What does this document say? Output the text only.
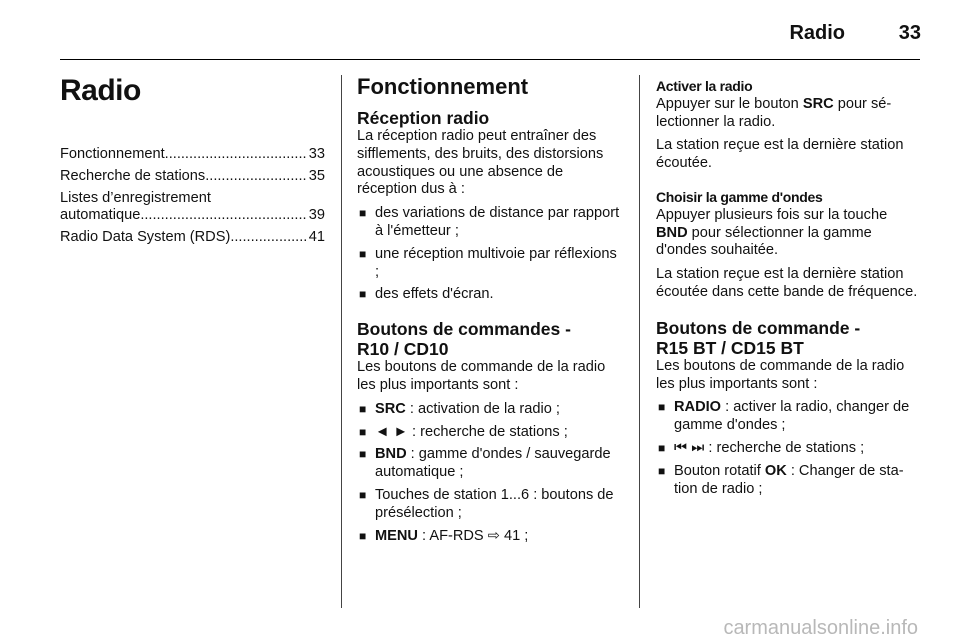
Radio	33
Radio
Fonctionnement .....	33
Recherche de stations .....	35
Listes d’enregistrement
automatique .....	39
Radio Data System (RDS) .....	41
Fonctionnement
Réception radio

La réception radio peut entraîner des sifflements, des bruits, des distorsions acoustiques ou une absence de réception dus à :

■ des variations de distance par rapport à l'émetteur ;
■ une réception multivoie par réflexions ;
■ des effets d'écran.
Boutons de commandes -
R10 / CD10

Les boutons de commande de la radio les plus importants sont :

■ SRC : activation de la radio ;
■ ◄ ► : recherche de stations ;
■ BND : gamme d'ondes / sauvegarde automatique ;
■ Touches de station 1...6 : boutons de présélection ;
■ MENU : AF-RDS ⇨ 41 ;
Activer la radio

Appuyer sur le bouton SRC pour sélectionner la radio.

La station reçue est la dernière station écoutée.

Choisir la gamme d'ondes

Appuyer plusieurs fois sur la touche BND pour sélectionner la gamme d'ondes souhaitée.

La station reçue est la dernière station écoutée dans cette bande de fréquence.

Boutons de commande -
R15 BT / CD15 BT

Les boutons de commande de la radio les plus importants sont :

■ RADIO : activer la radio, changer de gamme d'ondes ;
■ ⏮ ⏭ : recherche de stations ;
■ Bouton rotatif OK : Changer de station de radio ;
carmanualsonline.info
